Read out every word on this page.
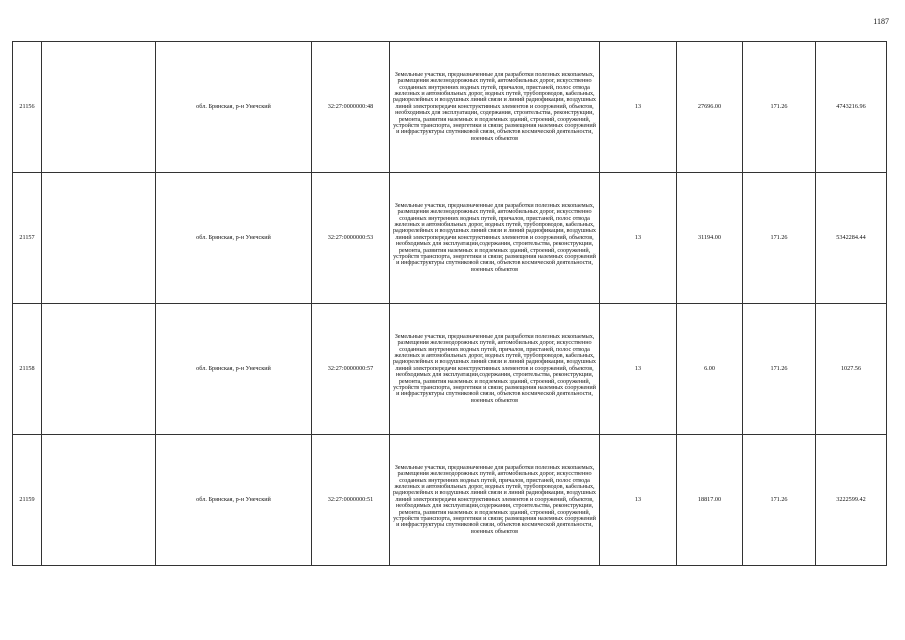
1187
21156		обл. Брянская, р-н Унечский	32:27:0000000:48	Земельные участки, предназначенные для разработки полезных ископаемых, размещения железнодорожных путей, автомобильных дорог, искусственно созданных внутренних водных путей, причалов, пристаней, полос отвода железных и автомобильных дорог, водных путей, трубопроводов, кабельных, радиорелейных и воздушных линий связи и линий радиофикации, воздушных линий электропередачи конструктивных элементов и сооружений, объектов, необходимых для эксплуатации, содержания, строительства, реконструкции, ремонта, развития наземных и подземных зданий, строений, сооружений, устройств транспорта, энергетики и связи; размещения наземных сооружений и инфраструктуры спутниковой связи, объектов космической деятельности, военных объектов	13	27696.00	171.26	4743216.96
21157		обл. Брянская, р-н Унечский	32:27:0000000:53	Земельные участки, предназначенные для разработки полезных ископаемых, размещения железнодорожных путей, автомобильных дорог, искусственно созданных внутренних водных путей, причалов, пристаней, полос отвода железных и автомобильных дорог, водных путей, трубопроводов, кабельных, радиорелейных и воздушных линий связи и линий радиофикации, воздушных линий электропередачи конструктивных элементов и сооружений, объектов, необходимых для эксплуатации,содержания, строительства, реконструкции, ремонта, развития наземных и подземных зданий, строений, сооружений, устройств транспорта, энергетики и связи; размещения наземных сооружений и инфраструктуры спутниковой связи, объектов космической деятельности, военных объектов	13	31194.00	171.26	5342284.44
21158		обл. Брянская, р-н Унечский	32:27:0000000:57	Земельные участки, предназначенные для разработки полезных ископаемых, размещения железнодорожных путей, автомобильных дорог, искусственно созданных внутренних водных путей, причалов, пристаней, полос отвода железных и автомобильных дорог, водных путей, трубопроводов, кабельных, радиорелейных и воздушных линий связи и линий радиофикации, воздушных линий электропередачи конструктивных элементов и сооружений, объектов, необходимых для эксплуатации,содержания, строительства, реконструкции, ремонта, развития наземных и подземных зданий, строений, сооружений, устройств транспорта, энергетики и связи; размещения наземных сооружений и инфраструктуры спутниковой связи, объектов космической деятельности, военных объектов	13	6.00	171.26	1027.56
21159		обл. Брянская, р-н Унечский	32:27:0000000:51	Земельные участки, предназначенные для разработки полезных ископаемых, размещения железнодорожных путей, автомобильных дорог, искусственно созданных внутренних водных путей, причалов, пристаней, полос отвода железных и автомобильных дорог, водных путей, трубопроводов, кабельных, радиорелейных и воздушных линий связи и линий радиофикации, воздушных линий электропередачи конструктивных элементов и сооружений, объектов, необходимых для эксплуатации,содержания, строительства, реконструкции, ремонта, развития наземных и подземных зданий, строений, сооружений, устройств транспорта, энергетики и связи; размещения наземных сооружений и инфраструктуры спутниковой связи, объектов космической деятельности, военных объектов	13	18817.00	171.26	3222599.42
